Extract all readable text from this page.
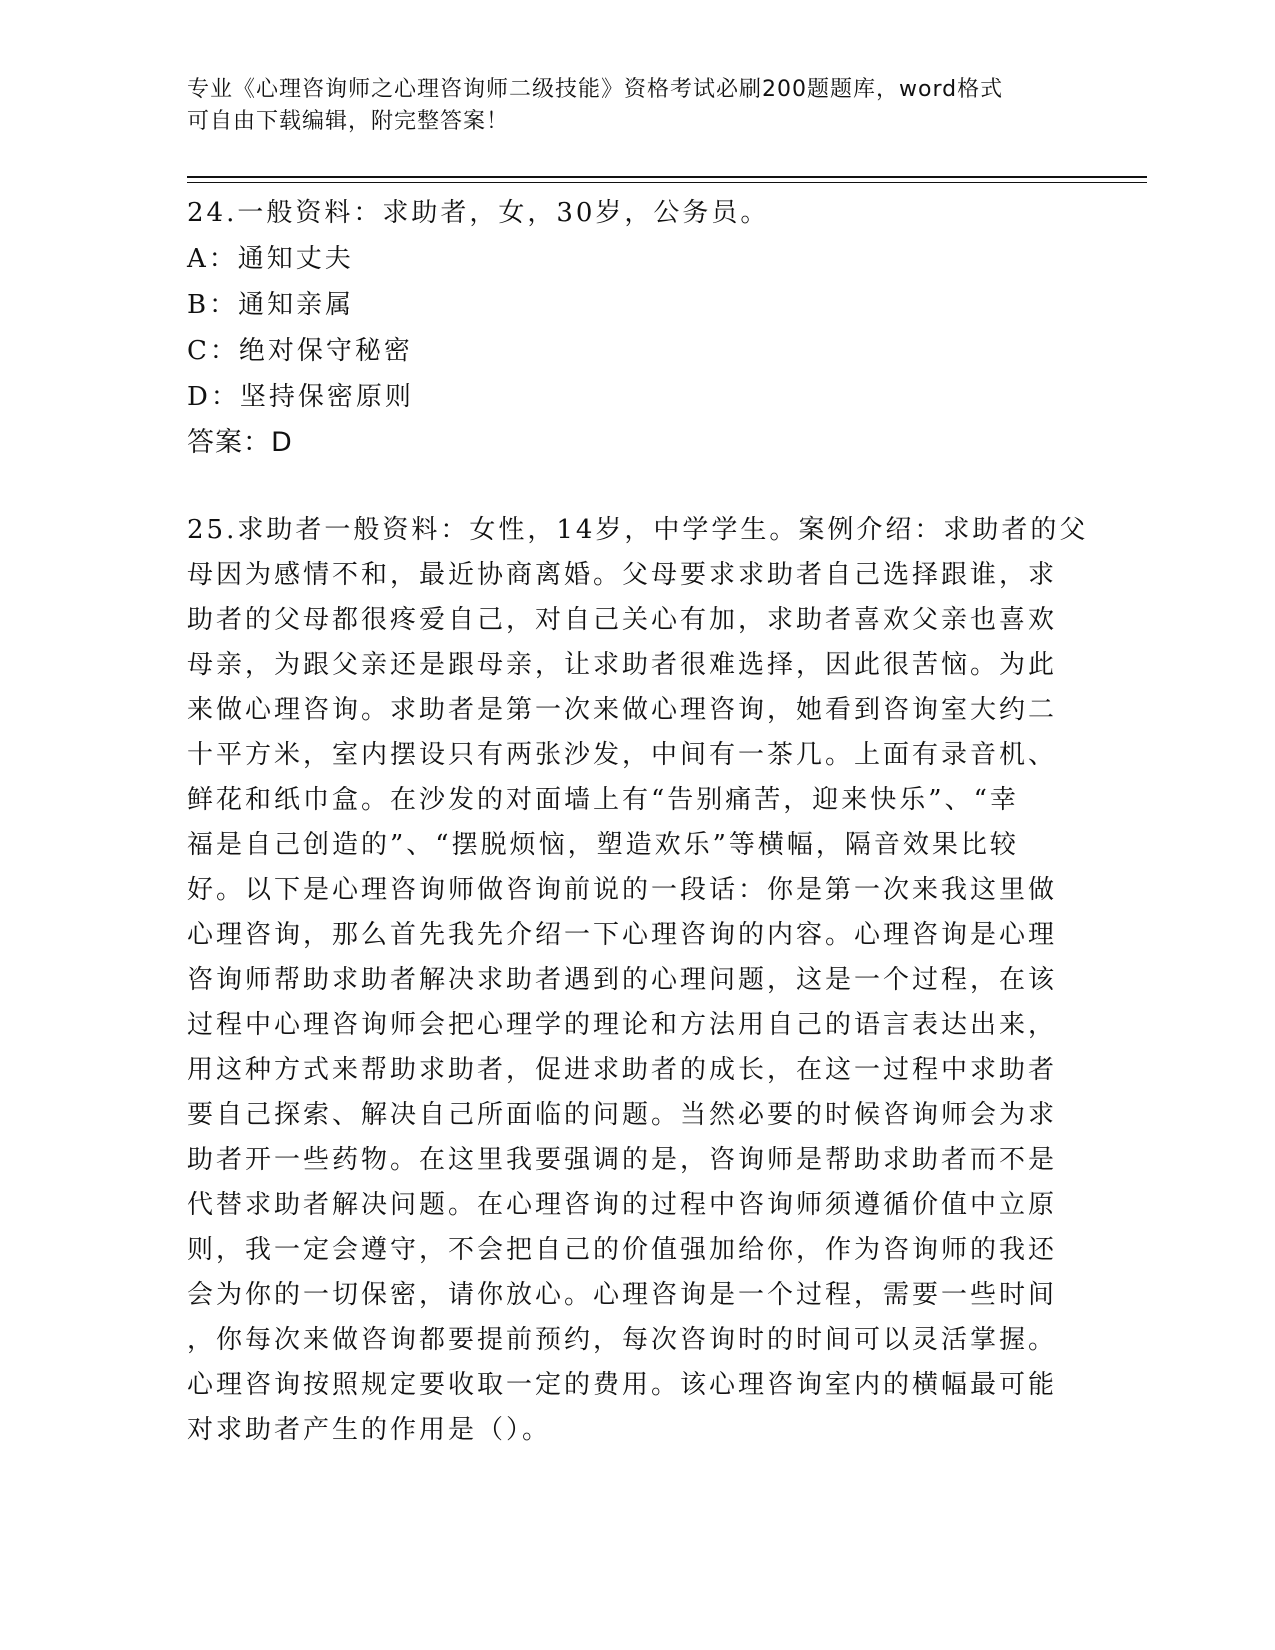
专业《心理咨询师之心理咨询师二级技能》资格考试必刷200题题库，word格式
可自由下载编辑，附完整答案！
24.一般资料：求助者，女，30岁，公务员。
A：通知丈夫
B：通知亲属
C：绝对保守秘密
D：坚持保密原则
答案：D
25.求助者一般资料：女性，14岁，中学学生。案例介绍：求助者的父
母因为感情不和，最近协商离婚。父母要求求助者自己选择跟谁，求
助者的父母都很疼爱自己，对自己关心有加，求助者喜欢父亲也喜欢
母亲，为跟父亲还是跟母亲，让求助者很难选择，因此很苦恼。为此
来做心理咨询。求助者是第一次来做心理咨询，她看到咨询室大约二
十平方米，室内摆设只有两张沙发，中间有一茶几。上面有录音机、
鲜花和纸巾盒。在沙发的对面墙上有“告别痛苦，迎来快乐”、“幸
福是自己创造的”、“摆脱烦恼，塑造欢乐”等横幅，隔音效果比较
好。以下是心理咨询师做咨询前说的一段话：你是第一次来我这里做
心理咨询，那么首先我先介绍一下心理咨询的内容。心理咨询是心理
咨询师帮助求助者解决求助者遇到的心理问题，这是一个过程，在该
过程中心理咨询师会把心理学的理论和方法用自己的语言表达出来，
用这种方式来帮助求助者，促进求助者的成长，在这一过程中求助者
要自己探索、解决自己所面临的问题。当然必要的时候咨询师会为求
助者开一些药物。在这里我要强调的是，咨询师是帮助求助者而不是
代替求助者解决问题。在心理咨询的过程中咨询师须遵循价值中立原
则，我一定会遵守，不会把自己的价值强加给你，作为咨询师的我还
会为你的一切保密，请你放心。心理咨询是一个过程，需要一些时间
，你每次来做咨询都要提前预约，每次咨询时的时间可以灵活掌握。
心理咨询按照规定要收取一定的费用。该心理咨询室内的横幅最可能
对求助者产生的作用是（）。
